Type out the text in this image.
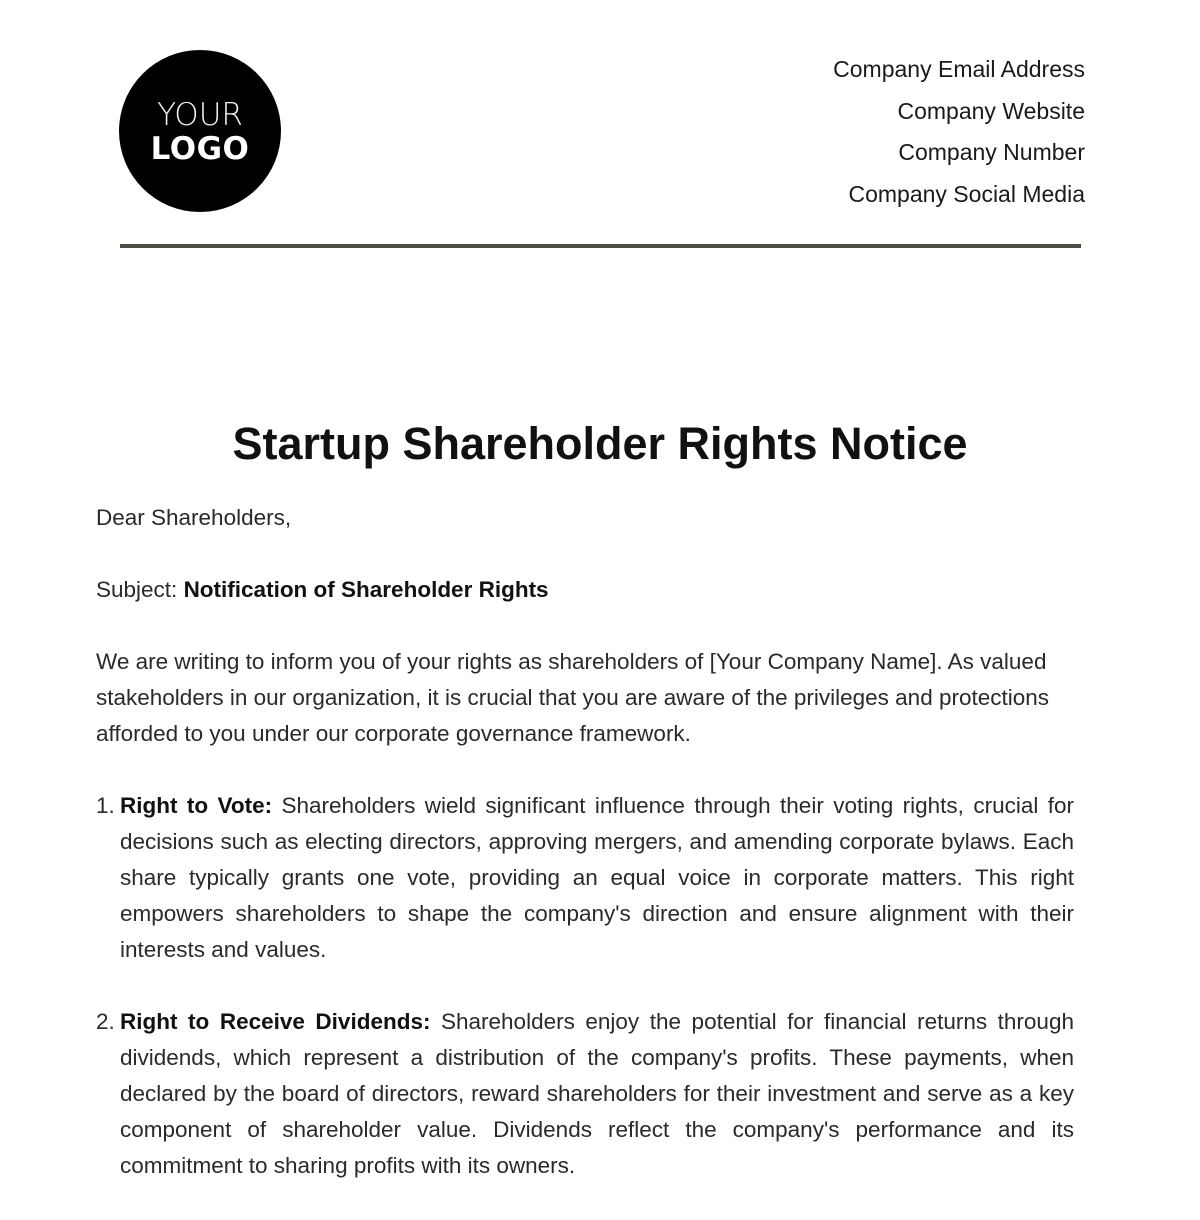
YOUR
LOGO
Company Email Address
Company Website
Company Number
Company Social Media
Startup Shareholder Rights Notice

Dear Shareholders,

Subject: Notification of Shareholder Rights

We are writing to inform you of your rights as shareholders of [Your Company Name]. As valued stakeholders in our organization, it is crucial that you are aware of the privileges and protections afforded to you under our corporate governance framework.

1. Right to Vote: Shareholders wield significant influence through their voting rights, crucial for decisions such as electing directors, approving mergers, and amending corporate bylaws. Each share typically grants one vote, providing an equal voice in corporate matters. This right empowers shareholders to shape the company's direction and ensure alignment with their interests and values.
2. Right to Receive Dividends: Shareholders enjoy the potential for financial returns through dividends, which represent a distribution of the company's profits. These payments, when declared by the board of directors, reward shareholders for their investment and serve as a key component of shareholder value. Dividends reflect the company's performance and its commitment to sharing profits with its owners.
